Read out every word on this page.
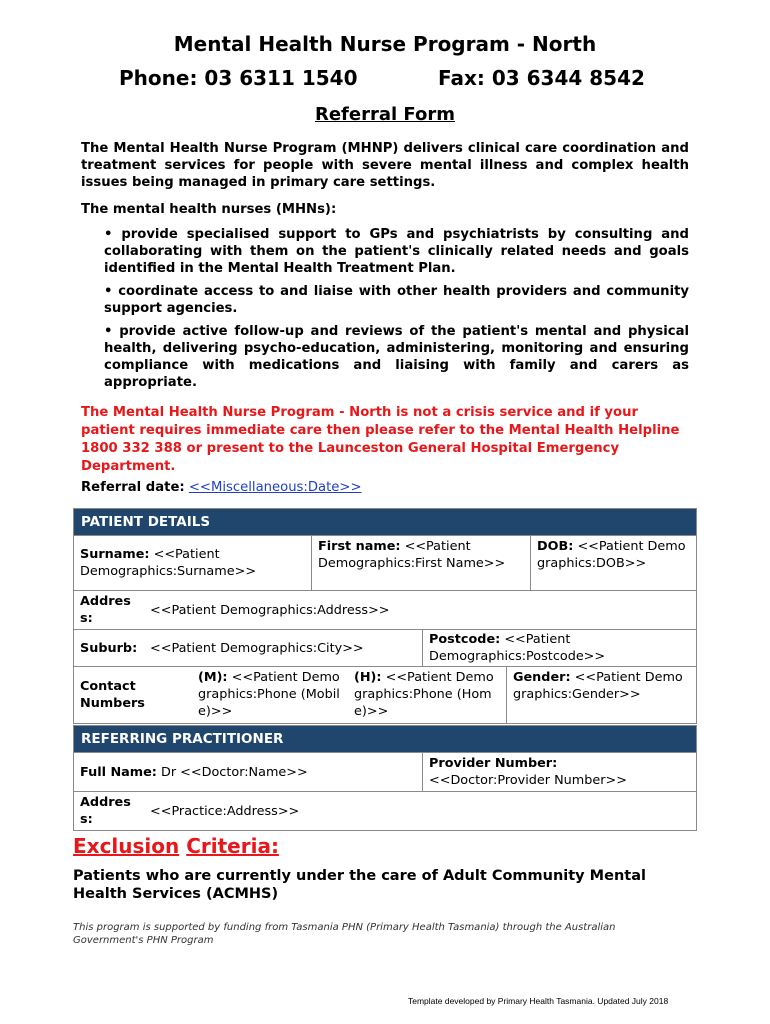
Mental Health Nurse Program - North
Phone: 03 6311 1540	Fax: 03 6344 8542
Referral Form
The Mental Health Nurse Program (MHNP) delivers clinical care coordination and treatment services for people with severe mental illness and complex health issues being managed in primary care settings.
The mental health nurses (MHNs):
• provide specialised support to GPs and psychiatrists by consulting and collaborating with them on the patient's clinically related needs and goals identified in the Mental Health Treatment Plan.
• coordinate access to and liaise with other health providers and community support agencies.
• provide active follow-up and reviews of the patient's mental and physical health, delivering psycho-education, administering, monitoring and ensuring compliance with medications and liaising with family and carers as appropriate.
The Mental Health Nurse Program - North is not a crisis service and if your patient requires immediate care then please refer to the Mental Health Helpline 1800 332 388 or present to the Launceston General Hospital Emergency Department.
Referral date: <<Miscellaneous:Date>>
PATIENT DETAILS
Surname: <<Patient Demographics:Surname>>
First name: <<Patient Demographics:First Name>>
DOB: <<Patient Demographics:DOB>>
Address:
<<Patient Demographics:Address>>
Suburb:	<<Patient Demographics:City>>
Postcode: <<Patient Demographics:Postcode>>
Contact Numbers
(M): <<Patient Demographics:Phone (Mobile)>>
(H): <<Patient Demographics:Phone (Home)>>
Gender: <<Patient Demographics:Gender>>
REFERRING PRACTITIONER
Full Name: Dr <<Doctor:Name>>
Provider Number:
<<Doctor:Provider Number>>
Address:
<<Practice:Address>>
Exclusion Criteria:
Patients who are currently under the care of Adult Community Mental Health Services (ACMHS)
This program is supported by funding from Tasmania PHN (Primary Health Tasmania) through the Australian Government's PHN Program
Template developed by Primary Health Tasmania. Updated July 2018
